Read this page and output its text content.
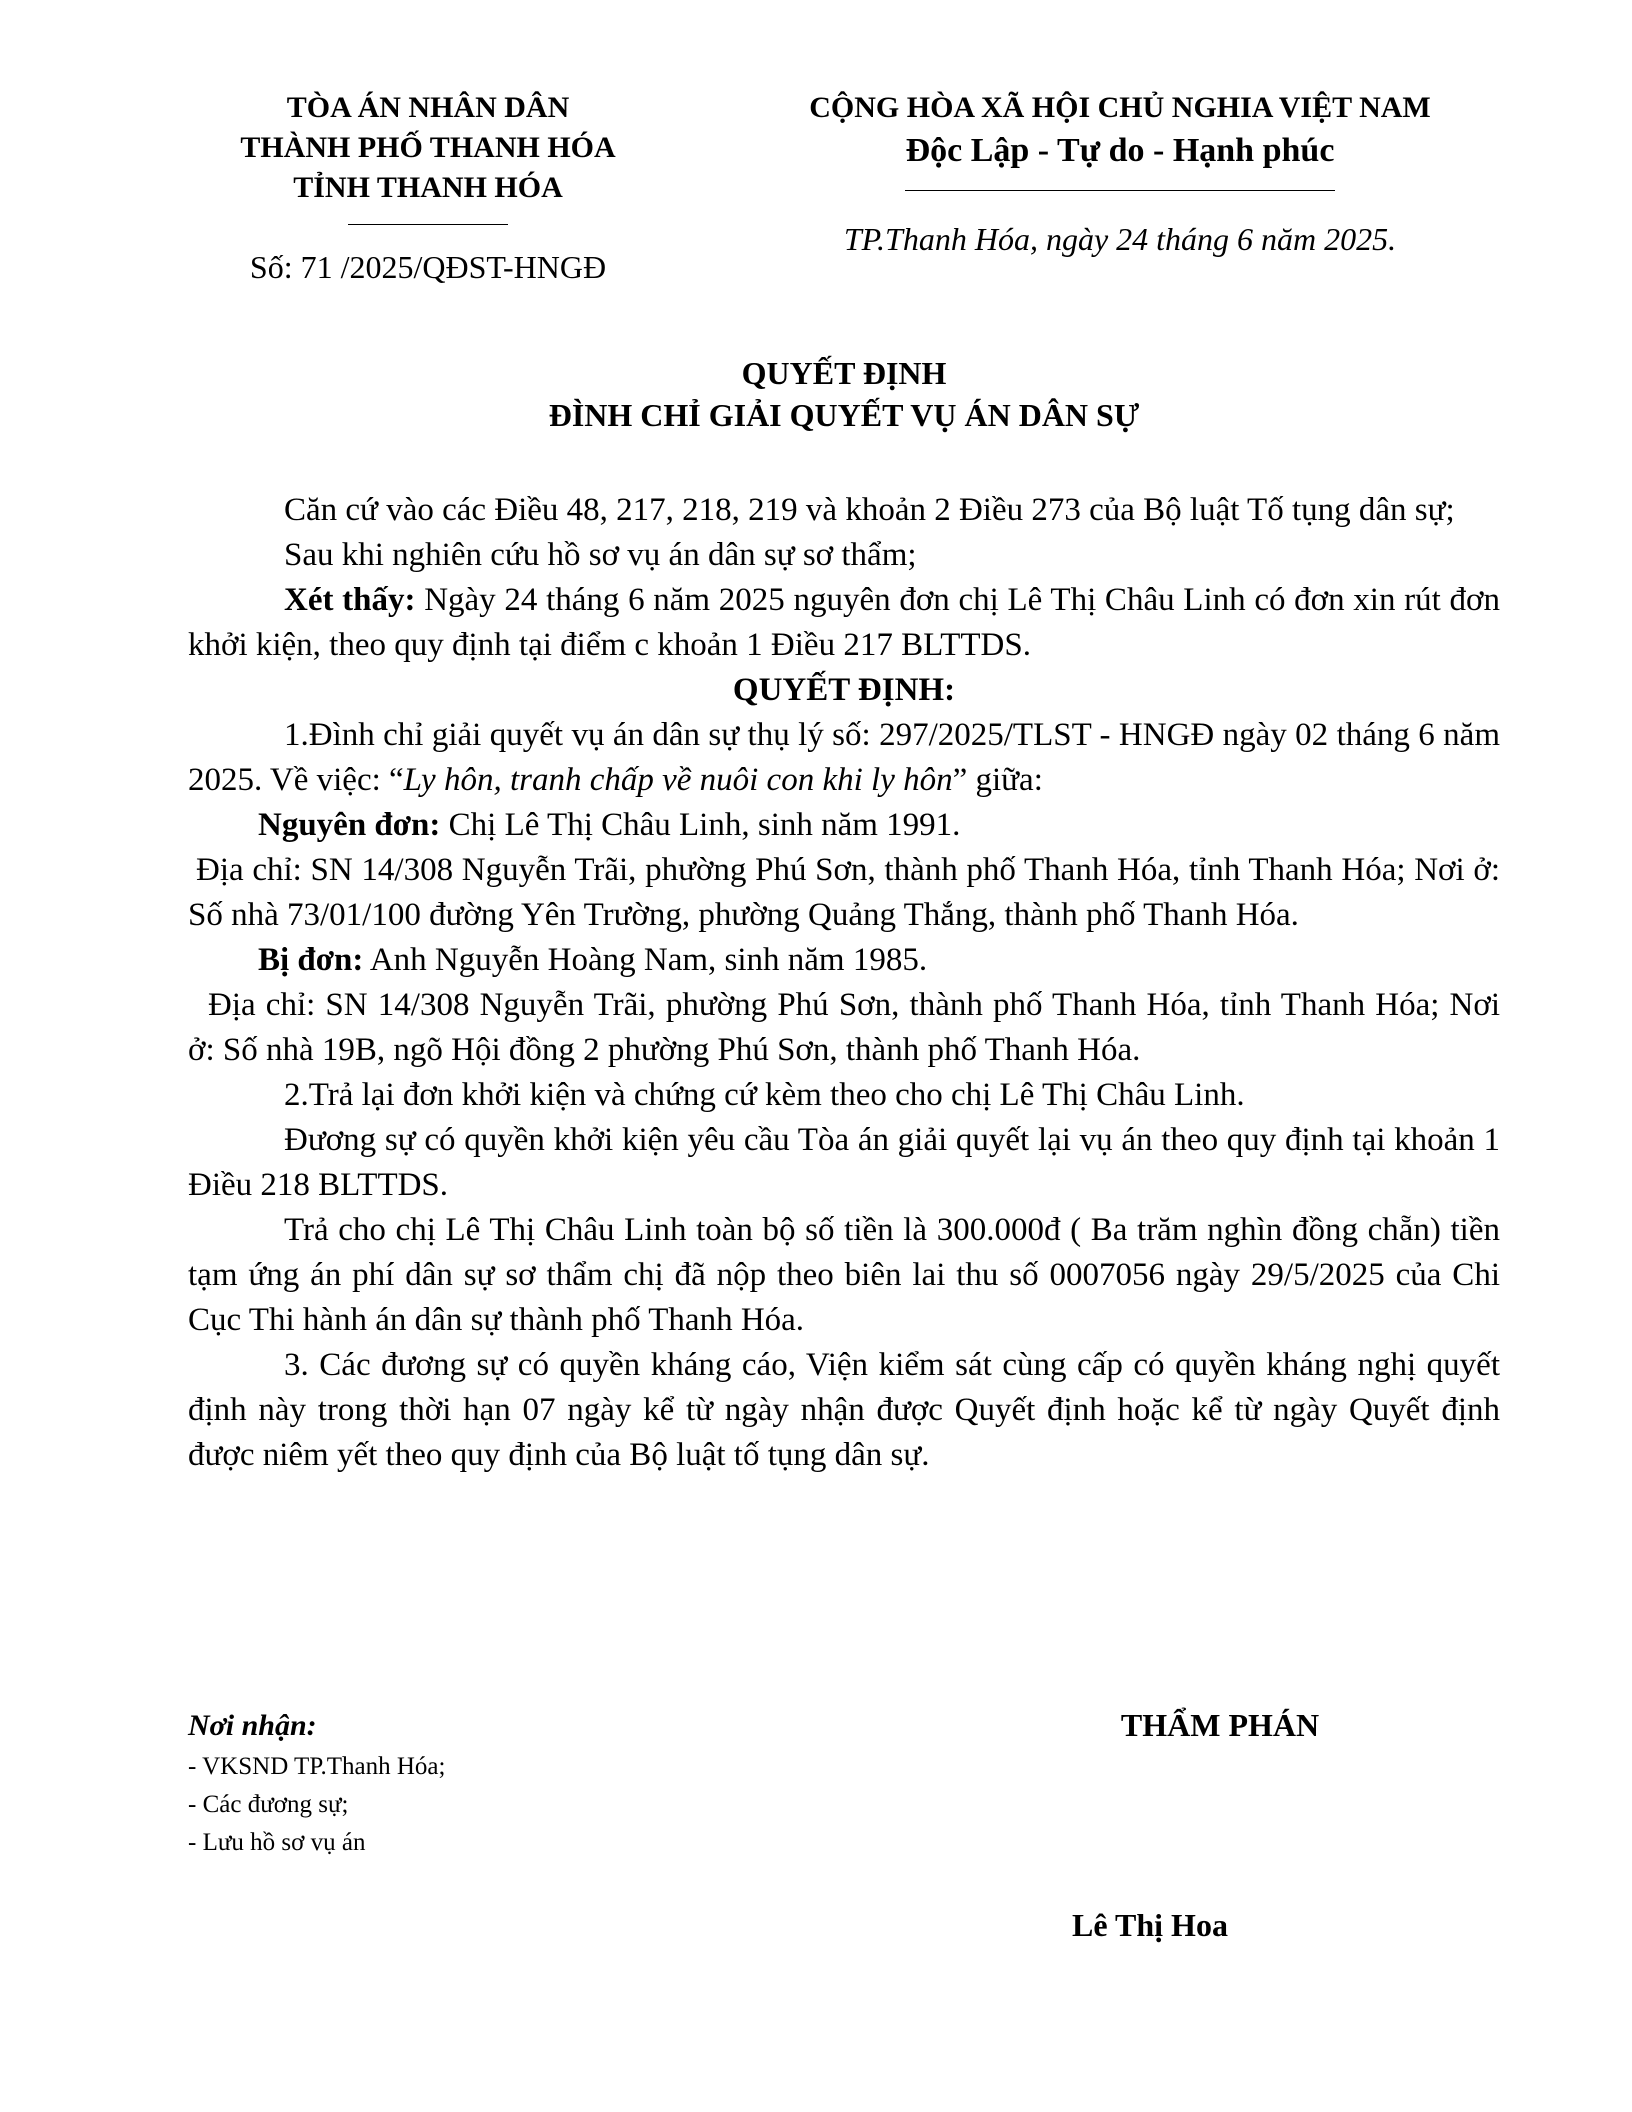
TÒA ÁN NHÂN DÂN
THÀNH PHỐ THANH HÓA
TỈNH THANH HÓA
Số: 71 /2025/QĐST-HNGĐ
CỘNG HÒA XÃ HỘI CHỦ NGHIA VIỆT NAM
Độc Lập - Tự do - Hạnh phúc
TP.Thanh Hóa, ngày 24 tháng 6 năm 2025.
QUYẾT ĐỊNH
ĐÌNH CHỈ GIẢI QUYẾT VỤ ÁN DÂN SỰ

Căn cứ vào các Điều 48, 217, 218, 219 và khoản 2 Điều 273 của Bộ luật Tố tụng dân sự;

Sau khi nghiên cứu hồ sơ vụ án dân sự sơ thẩm;

Xét thấy: Ngày 24 tháng 6 năm 2025 nguyên đơn chị Lê Thị Châu Linh có đơn xin rút đơn khởi kiện, theo quy định tại điểm c khoản 1 Điều 217 BLTTDS.

QUYẾT ĐỊNH:

1.Đình chỉ giải quyết vụ án dân sự thụ lý số: 297/2025/TLST - HNGĐ ngày 02 tháng 6 năm 2025. Về việc: “Ly hôn, tranh chấp về nuôi con khi ly hôn” giữa:

Nguyên đơn: Chị Lê Thị Châu Linh, sinh năm 1991.

Địa chỉ: SN 14/308 Nguyễn Trãi, phường Phú Sơn, thành phố Thanh Hóa, tỉnh Thanh Hóa; Nơi ở: Số nhà 73/01/100 đường Yên Trường, phường Quảng Thắng, thành phố Thanh Hóa.

Bị đơn: Anh Nguyễn Hoàng Nam, sinh năm 1985.

Địa chỉ: SN 14/308 Nguyễn Trãi, phường Phú Sơn, thành phố Thanh Hóa, tỉnh Thanh Hóa; Nơi ở: Số nhà 19B, ngõ Hội đồng 2 phường Phú Sơn, thành phố Thanh Hóa.

2.Trả lại đơn khởi kiện và chứng cứ kèm theo cho chị Lê Thị Châu Linh.

Đương sự có quyền khởi kiện yêu cầu Tòa án giải quyết lại vụ án theo quy định tại khoản 1 Điều 218 BLTTDS.

Trả cho chị Lê Thị Châu Linh toàn bộ số tiền là 300.000đ ( Ba trăm nghìn đồng chẵn) tiền tạm ứng án phí dân sự sơ thẩm chị đã nộp theo biên lai thu số 0007056 ngày 29/5/2025 của Chi Cục Thi hành án dân sự thành phố Thanh Hóa.

3. Các đương sự có quyền kháng cáo, Viện kiểm sát cùng cấp có quyền kháng nghị quyết định này trong thời hạn 07 ngày kể từ ngày nhận được Quyết định hoặc kể từ ngày Quyết định được niêm yết theo quy định của Bộ luật tố tụng dân sự.

Nơi nhận:
- VKSND TP.Thanh Hóa;
- Các đương sự;
- Lưu hồ sơ vụ án
THẨM PHÁN
Lê Thị Hoa
